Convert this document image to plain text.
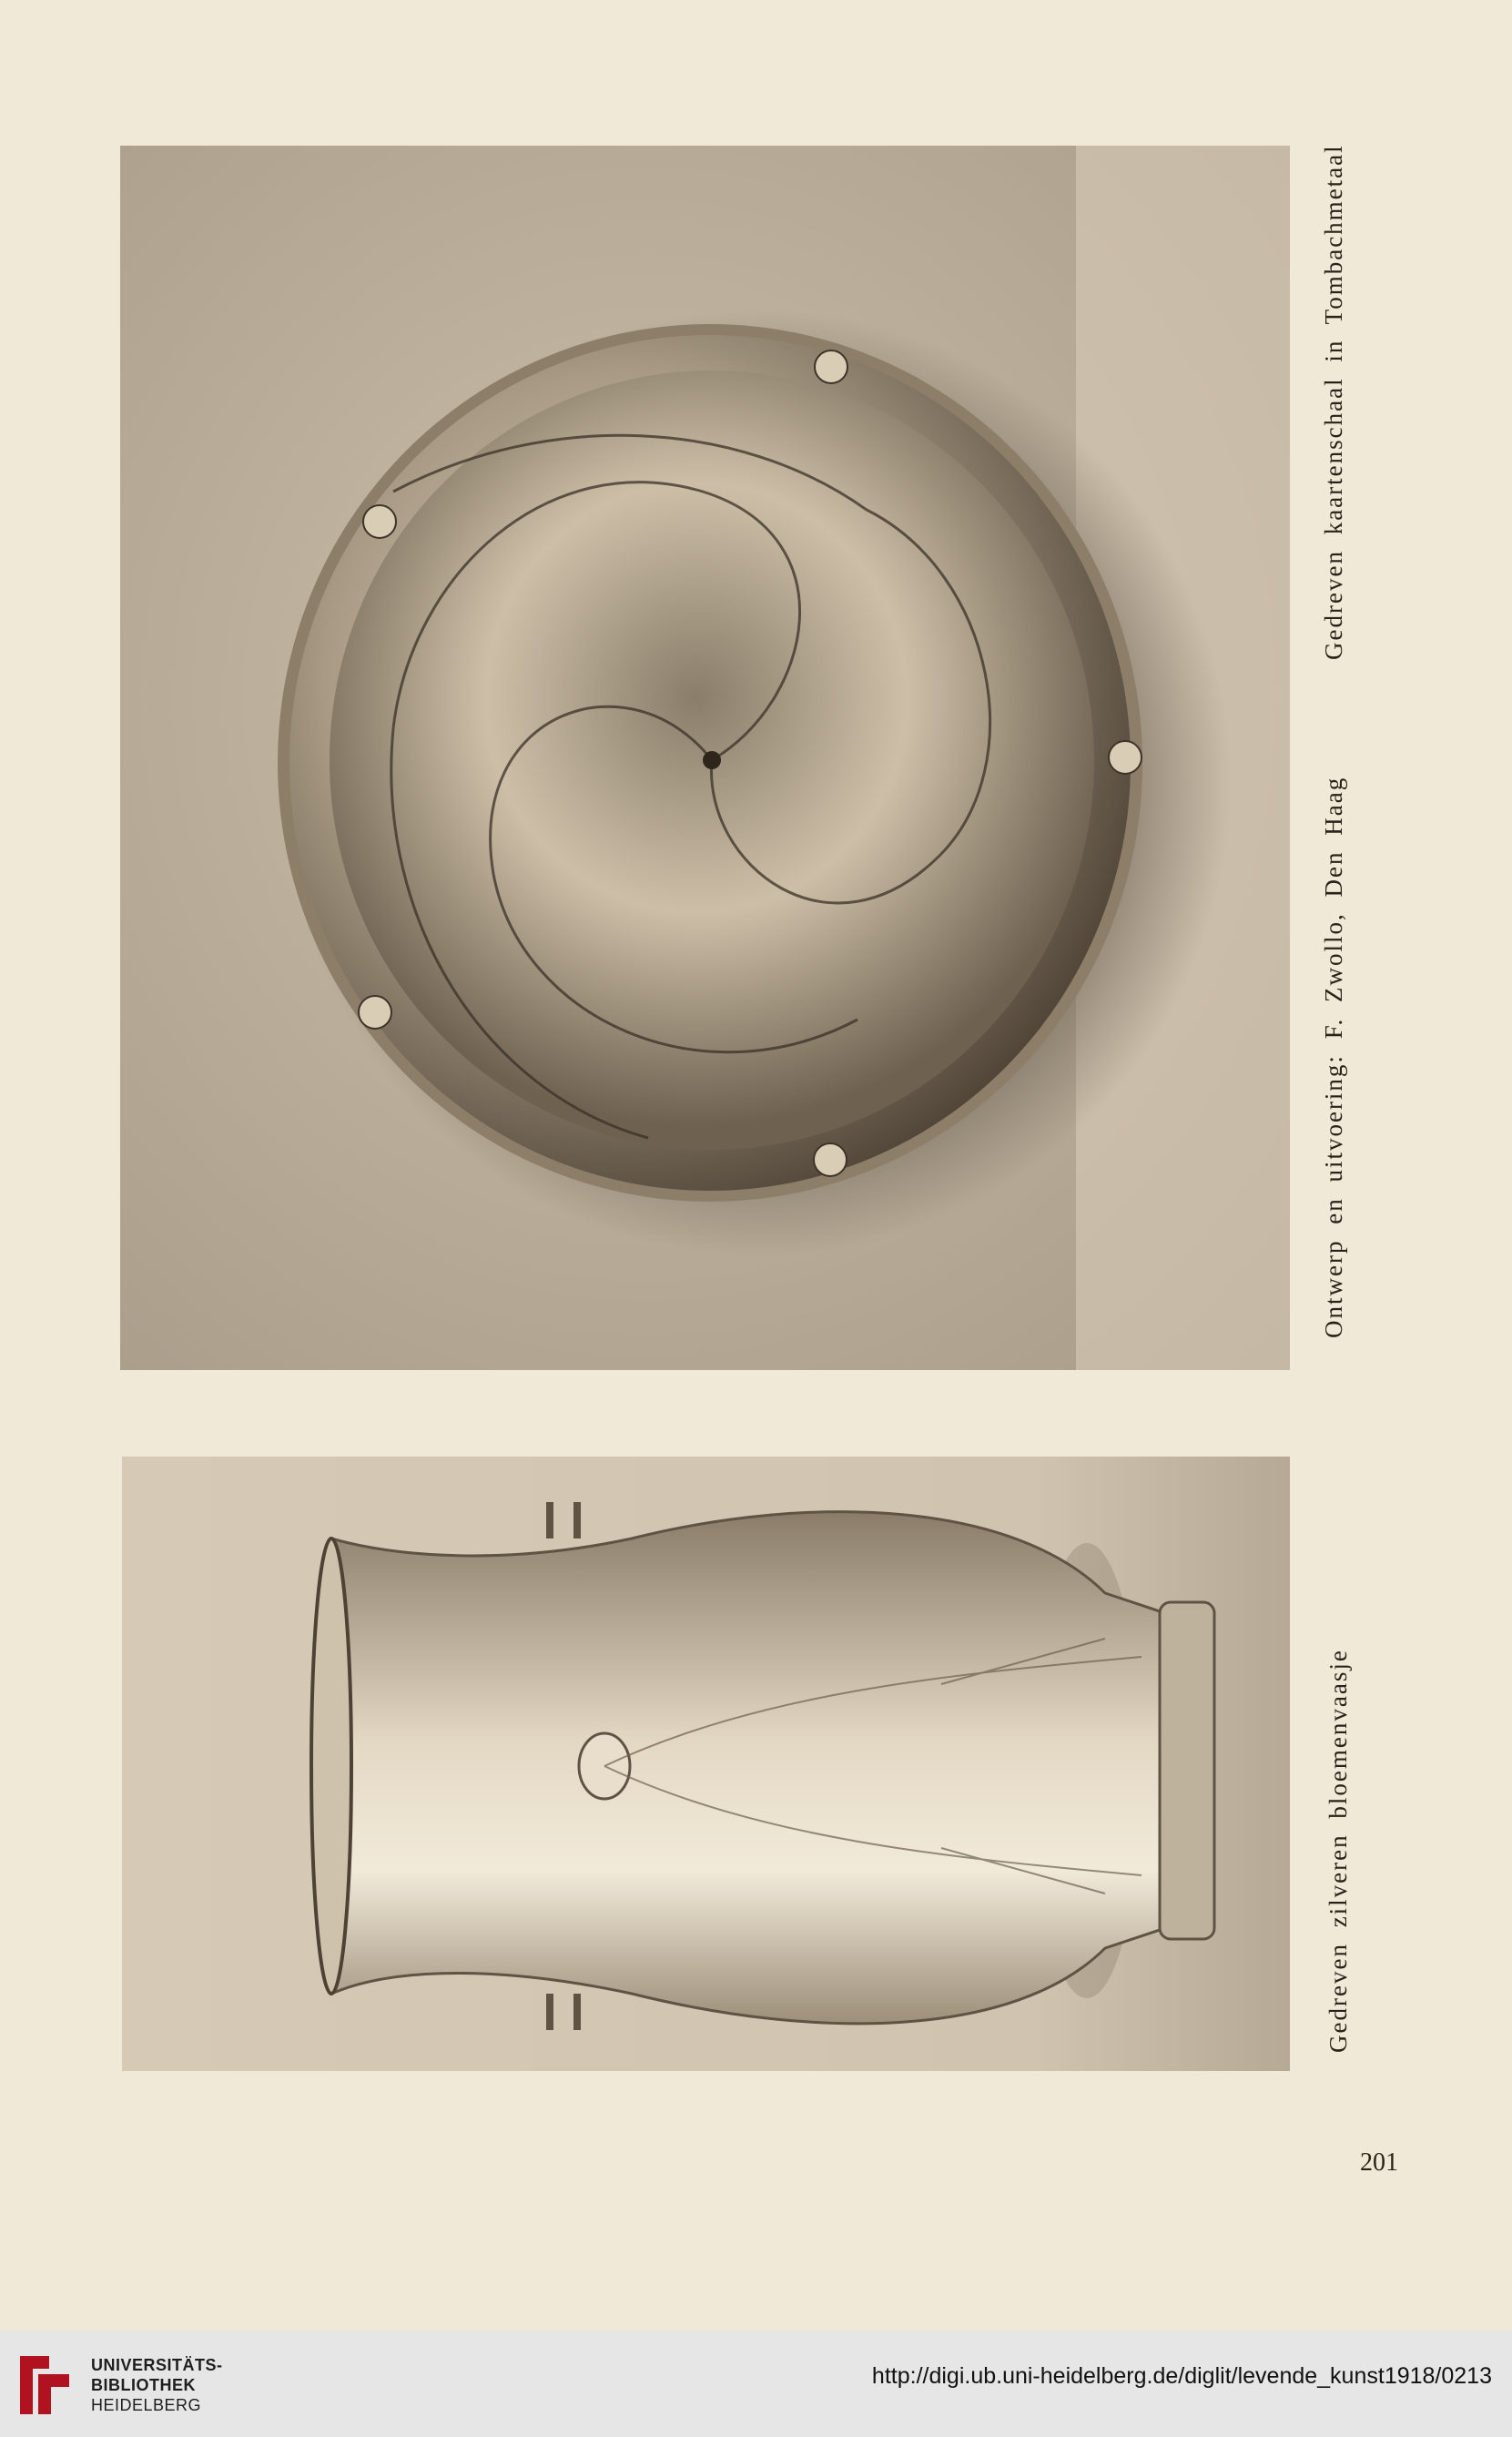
Gedreven kaartenschaal in Tombachmetaal
Ontwerp en uitvoering: F. Zwollo, Den Haag
Gedreven zilveren bloemenvaasje
201
UNIVERSITÄTS-
BIBLIOTHEK
HEIDELBERG
http://digi.ub.uni-heidelberg.de/diglit/levende_kunst1918/0213
